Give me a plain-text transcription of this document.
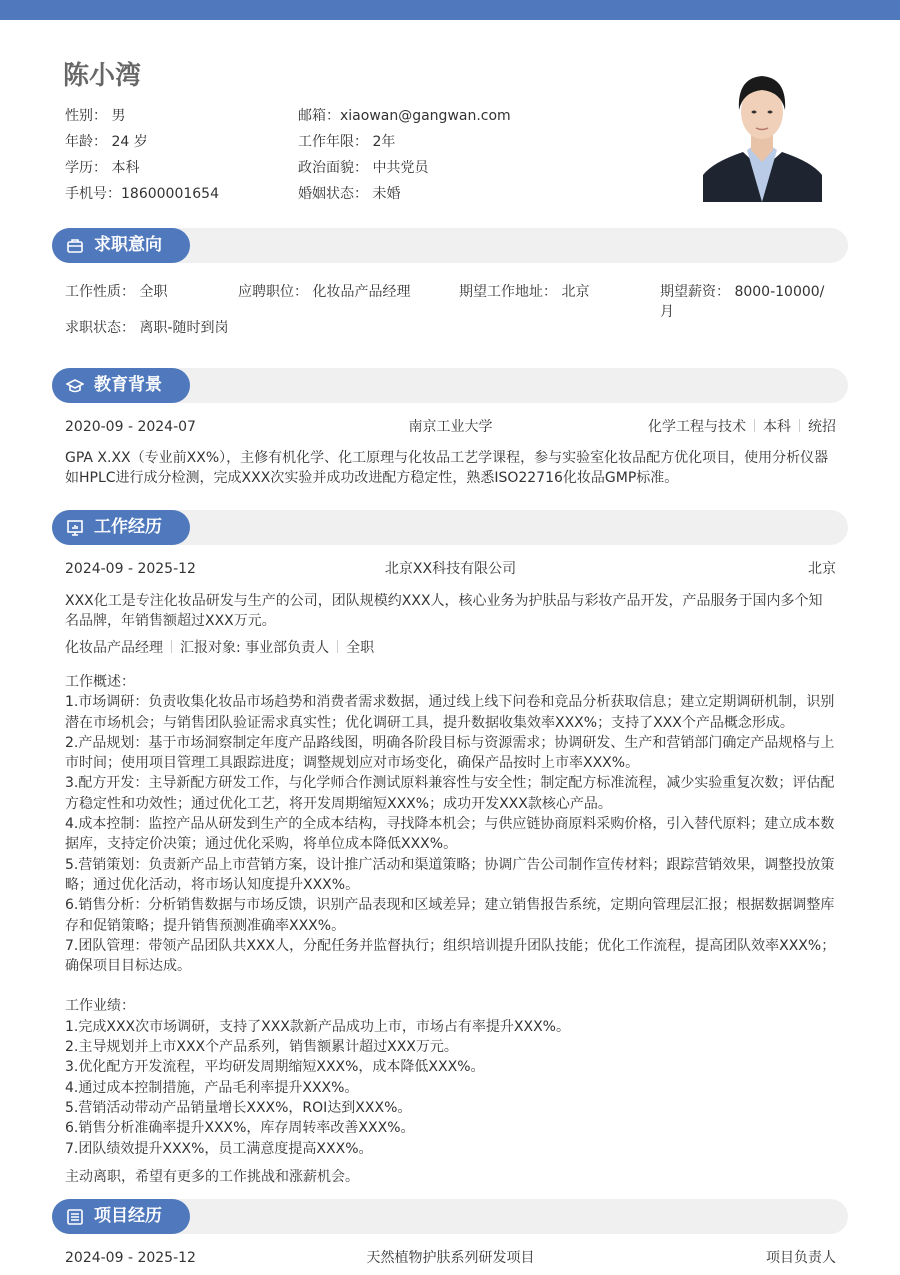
陈小湾
性别： 男	邮箱：xiaowan@gangwan.com
年龄： 24 岁	工作年限： 2年
学历： 本科	政治面貌： 中共党员
手机号：18600001654	婚姻状态： 未婚
求职意向
工作性质： 全职	应聘职位： 化妆品产品经理	期望工作地址： 北京	期望薪资： 8000-10000/月
求职状态： 离职-随时到岗
教育背景
2020-09 - 2024-07	南京工业大学	化学工程与技术 本科 统招

GPA X.XX（专业前XX%），主修有机化学、化工原理与化妆品工艺学课程，参与实验室化妆品配方优化项目，使用分析仪器如HPLC进行成分检测，完成XXX次实验并成功改进配方稳定性，熟悉ISO22716化妆品GMP标准。

工作经历
2024-09 - 2025-12	北京XX科技有限公司	北京

XXX化工是专注化妆品研发与生产的公司，团队规模约XXX人，核心业务为护肤品与彩妆产品开发，产品服务于国内多个知名品牌，年销售额超过XXX万元。

化妆品产品经理 汇报对象: 事业部负责人 全职
工作概述：
1.市场调研：负责收集化妆品市场趋势和消费者需求数据，通过线上线下问卷和竞品分析获取信息；建立定期调研机制，识别潜在市场机会；与销售团队验证需求真实性；优化调研工具，提升数据收集效率XXX%；支持了XXX个产品概念形成。
2.产品规划：基于市场洞察制定年度产品路线图，明确各阶段目标与资源需求；协调研发、生产和营销部门确定产品规格与上市时间；使用项目管理工具跟踪进度；调整规划应对市场变化，确保产品按时上市率XXX%。
3.配方开发：主导新配方研发工作，与化学师合作测试原料兼容性与安全性；制定配方标准流程，减少实验重复次数；评估配方稳定性和功效性；通过优化工艺，将开发周期缩短XXX%；成功开发XXX款核心产品。
4.成本控制：监控产品从研发到生产的全成本结构，寻找降本机会；与供应链协商原料采购价格，引入替代原料；建立成本数据库，支持定价决策；通过优化采购，将单位成本降低XXX%。
5.营销策划：负责新产品上市营销方案，设计推广活动和渠道策略；协调广告公司制作宣传材料；跟踪营销效果，调整投放策略；通过优化活动，将市场认知度提升XXX%。
6.销售分析：分析销售数据与市场反馈，识别产品表现和区域差异；建立销售报告系统，定期向管理层汇报；根据数据调整库存和促销策略；提升销售预测准确率XXX%。
7.团队管理：带领产品团队共XXX人，分配任务并监督执行；组织培训提升团队技能；优化工作流程，提高团队效率XXX%；确保项目目标达成。
工作业绩：
1.完成XXX次市场调研，支持了XXX款新产品成功上市，市场占有率提升XXX%。
2.主导规划并上市XXX个产品系列，销售额累计超过XXX万元。
3.优化配方开发流程，平均研发周期缩短XXX%，成本降低XXX%。
4.通过成本控制措施，产品毛利率提升XXX%。
5.营销活动带动产品销量增长XXX%，ROI达到XXX%。
6.销售分析准确率提升XXX%，库存周转率改善XXX%。
7.团队绩效提升XXX%，员工满意度提高XXX%。

主动离职，希望有更多的工作挑战和涨薪机会。

项目经历
2024-09 - 2025-12	天然植物护肤系列研发项目	项目负责人
